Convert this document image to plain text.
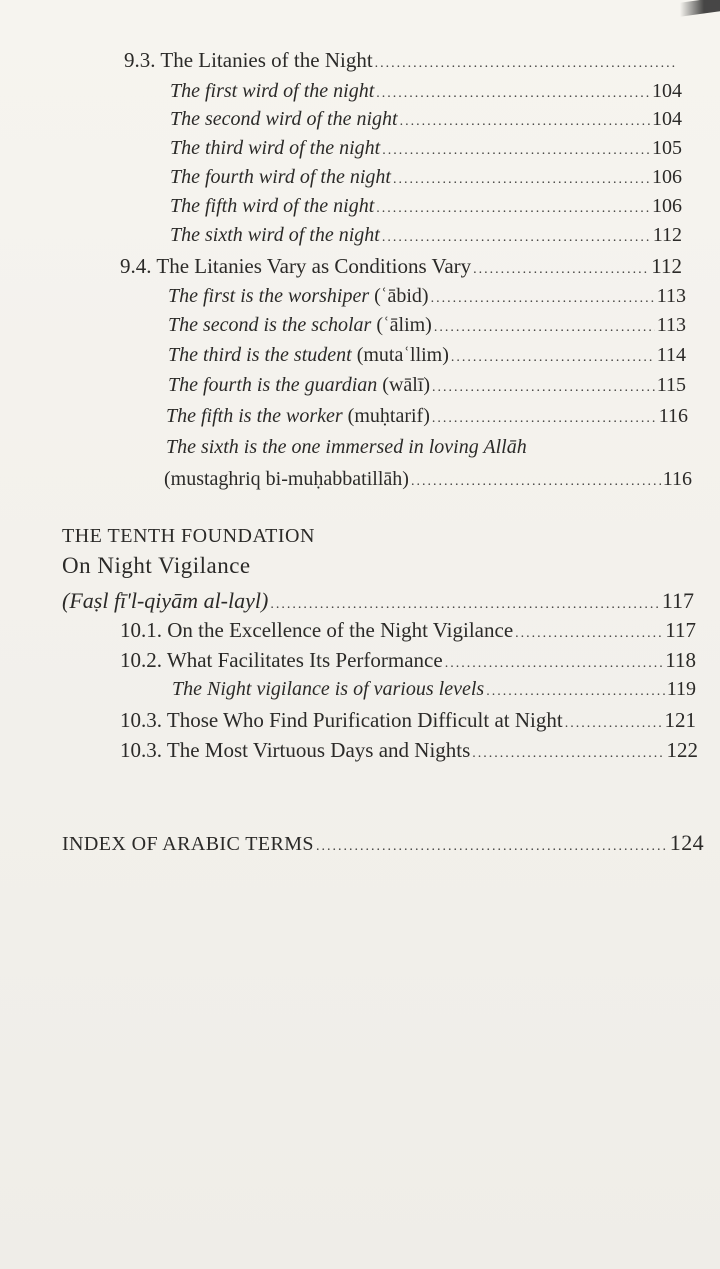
9.3. The Litanies of the Night
.....
The first wird of the night .....	104
The second wird of the night .....	104
The third wird of the night .....	105
The fourth wird of the night .....	106
The fifth wird of the night .....	106
The sixth wird of the night .....	112
9.4. The Litanies Vary as Conditions Vary .....	112
The first is the worshiper (ʿābid) .....	113
The second is the scholar (ʿālim) .....	113
The third is the student (mutaʿllim) .....	114
The fourth is the guardian (wālī) .....	115
The fifth is the worker (muḥtarif) .....	116
The sixth is the one immersed in loving Allāh
(mustaghriq bi-muḥabbatillāh) .....	116
THE TENTH FOUNDATION
On Night Vigilance
(Faṣl fī'l-qiyām al-layl) .....	117
10.1. On the Excellence of the Night Vigilance .....	117
10.2. What Facilitates Its Performance .....	118
The Night vigilance is of various levels .....	119
10.3. Those Who Find Purification Difficult at Night .....	121
10.3. The Most Virtuous Days and Nights .....	122
INDEX OF ARABIC TERMS .....	124
